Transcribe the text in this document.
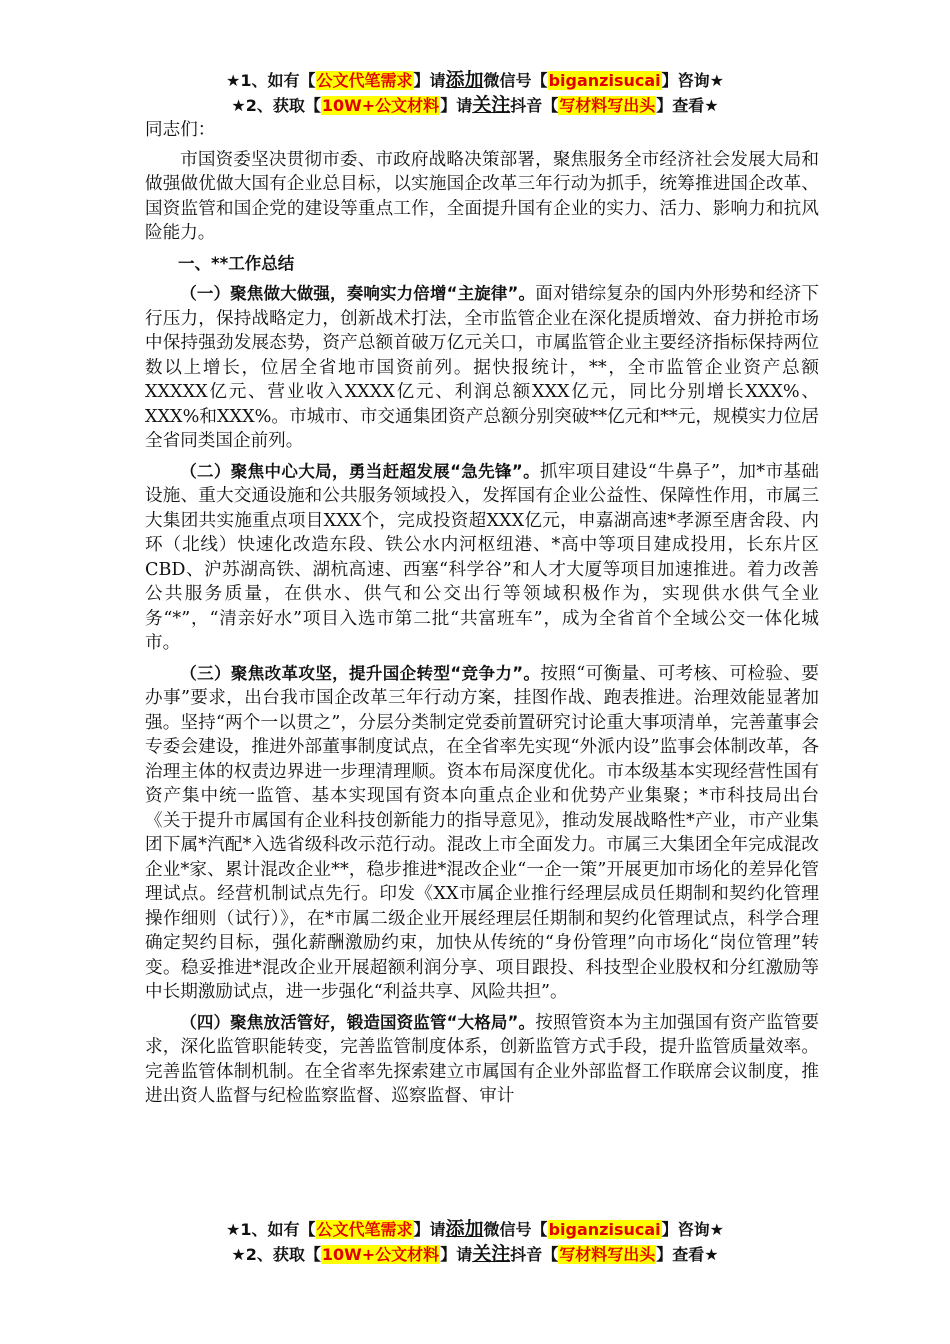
★1、如有【公文代笔需求】请添加微信号【biganzisucai】咨询★
★2、获取【10W+公文材料】请关注抖音【写材料写出头】查看★

同志们：

市国资委坚决贯彻市委、市政府战略决策部署，聚焦服务全市经济社会发展大局和做强做优做大国有企业总目标，以实施国企改革三年行动为抓手，统筹推进国企改革、国资监管和国企党的建设等重点工作，全面提升国有企业的实力、活力、影响力和抗风险能力。

一、**工作总结

（一）聚焦做大做强，奏响实力倍增“主旋律”。面对错综复杂的国内外形势和经济下行压力，保持战略定力，创新战术打法，全市监管企业在深化提质增效、奋力拼抢市场中保持强劲发展态势，资产总额首破万亿元关口，市属监管企业主要经济指标保持两位数以上增长，位居全省地市国资前列。据快报统计，**，全市监管企业资产总额XXXXX亿元、营业收入XXXX亿元、利润总额XXX亿元，同比分别增长XXX%、XXX%和XXX%。市城市、市交通集团资产总额分别突破**亿元和**元，规模实力位居全省同类国企前列。

（二）聚焦中心大局，勇当赶超发展“急先锋”。抓牢项目建设“牛鼻子”，加*市基础设施、重大交通设施和公共服务领域投入，发挥国有企业公益性、保障性作用，市属三大集团共实施重点项目XXX个，完成投资超XXX亿元，申嘉湖高速*孝源至唐舍段、内环（北线）快速化改造东段、铁公水内河枢纽港、*高中等项目建成投用，长东片区CBD、沪苏湖高铁、湖杭高速、西塞“科学谷”和人才大厦等项目加速推进。着力改善公共服务质量，在供水、供气和公交出行等领域积极作为，实现供水供气全业务“*”，“清亲好水”项目入选市第二批“共富班车”，成为全省首个全域公交一体化城市。

（三）聚焦改革攻坚，提升国企转型“竞争力”。按照“可衡量、可考核、可检验、要办事”要求，出台我市国企改革三年行动方案，挂图作战、跑表推进。治理效能显著加强。坚持“两个一以贯之”，分层分类制定党委前置研究讨论重大事项清单，完善董事会专委会建设，推进外部董事制度试点，在全省率先实现“外派内设”监事会体制改革，各治理主体的权责边界进一步理清理顺。资本布局深度优化。市本级基本实现经营性国有资产集中统一监管、基本实现国有资本向重点企业和优势产业集聚；*市科技局出台《关于提升市属国有企业科技创新能力的指导意见》，推动发展战略性*产业，市产业集团下属*汽配*入选省级科改示范行动。混改上市全面发力。市属三大集团全年完成混改企业*家、累计混改企业**，稳步推进*混改企业“一企一策”开展更加市场化的差异化管理试点。经营机制试点先行。印发《XX市属企业推行经理层成员任期制和契约化管理操作细则（试行）》，在*市属二级企业开展经理层任期制和契约化管理试点，科学合理确定契约目标，强化薪酬激励约束，加快从传统的“身份管理”向市场化“岗位管理”转变。稳妥推进*混改企业开展超额利润分享、项目跟投、科技型企业股权和分红激励等中长期激励试点，进一步强化“利益共享、风险共担”。

（四）聚焦放活管好，锻造国资监管“大格局”。按照管资本为主加强国有资产监管要求，深化监管职能转变，完善监管制度体系，创新监管方式手段，提升监管质量效率。完善监管体制机制。在全省率先探索建立市属国有企业外部监督工作联席会议制度，推进出资人监督与纪检监察监督、巡察监督、审计

★1、如有【公文代笔需求】请添加微信号【biganzisucai】咨询★
★2、获取【10W+公文材料】请关注抖音【写材料写出头】查看★
